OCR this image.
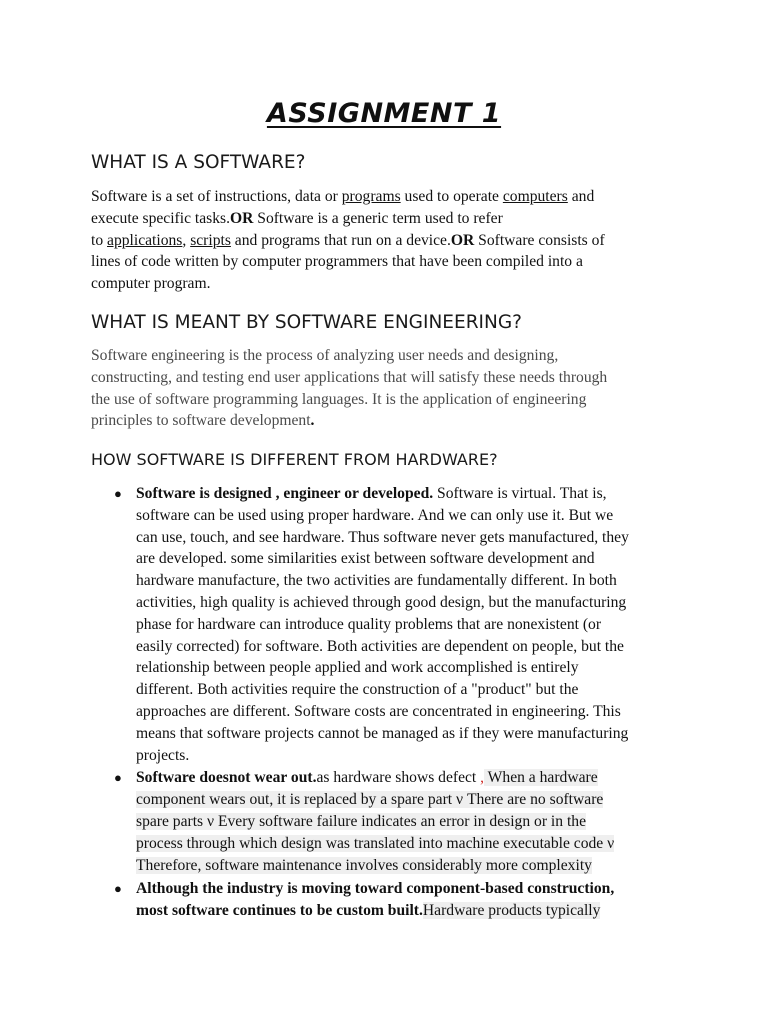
ASSIGNMENT 1
WHAT IS A SOFTWARE?
Software is a set of instructions, data or programs used to operate computers and
execute specific tasks.OR Software is a generic term used to refer
to applications, scripts and programs that run on a device.OR Software consists of
lines of code written by computer programmers that have been compiled into a
computer program.
WHAT IS MEANT BY SOFTWARE ENGINEERING?
Software engineering is the process of analyzing user needs and designing,
constructing, and testing end user applications that will satisfy these needs through
the use of software programming languages. It is the application of engineering
principles to software development.
HOW SOFTWARE IS DIFFERENT FROM HARDWARE?
● Software is designed , engineer or developed. Software is virtual. That is,
software can be used using proper hardware. And we can only use it. But we
can use, touch, and see hardware. Thus software never gets manufactured, they
are developed. some similarities exist between software development and
hardware manufacture, the two activities are fundamentally different. In both
activities, high quality is achieved through good design, but the manufacturing
phase for hardware can introduce quality problems that are nonexistent (or
easily corrected) for software. Both activities are dependent on people, but the
relationship between people applied and work accomplished is entirely
different. Both activities require the construction of a "product" but the
approaches are different. Software costs are concentrated in engineering. This
means that software projects cannot be managed as if they were manufacturing
projects.
● Software doesnot wear out.as hardware shows defect , When a hardware
component wears out, it is replaced by a spare part ν There are no software
spare parts ν Every software failure indicates an error in design or in the
process through which design was translated into machine executable code ν
Therefore, software maintenance involves considerably more complexity
● Although the industry is moving toward component-based construction,
most software continues to be custom built.Hardware products typically
